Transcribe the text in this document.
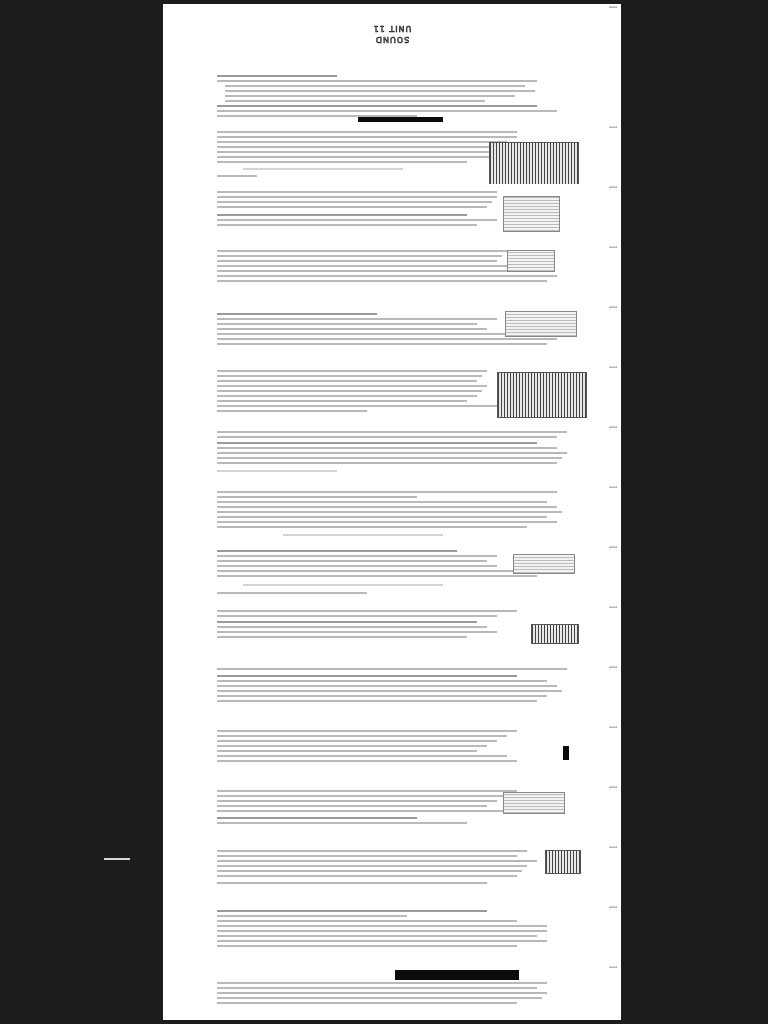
▪▪▪▪
UNIT 11
SOUND
▪▪▪▪
▪▪▪▪
▪▪▪▪
▪▪▪▪
▪▪▪▪
▪▪▪▪
▪▪▪▪
▪▪▪▪
▪▪▪▪
▪▪▪▪
▪▪▪▪
▪▪▪▪
▪▪▪▪
▪▪▪▪
▪▪▪▪
